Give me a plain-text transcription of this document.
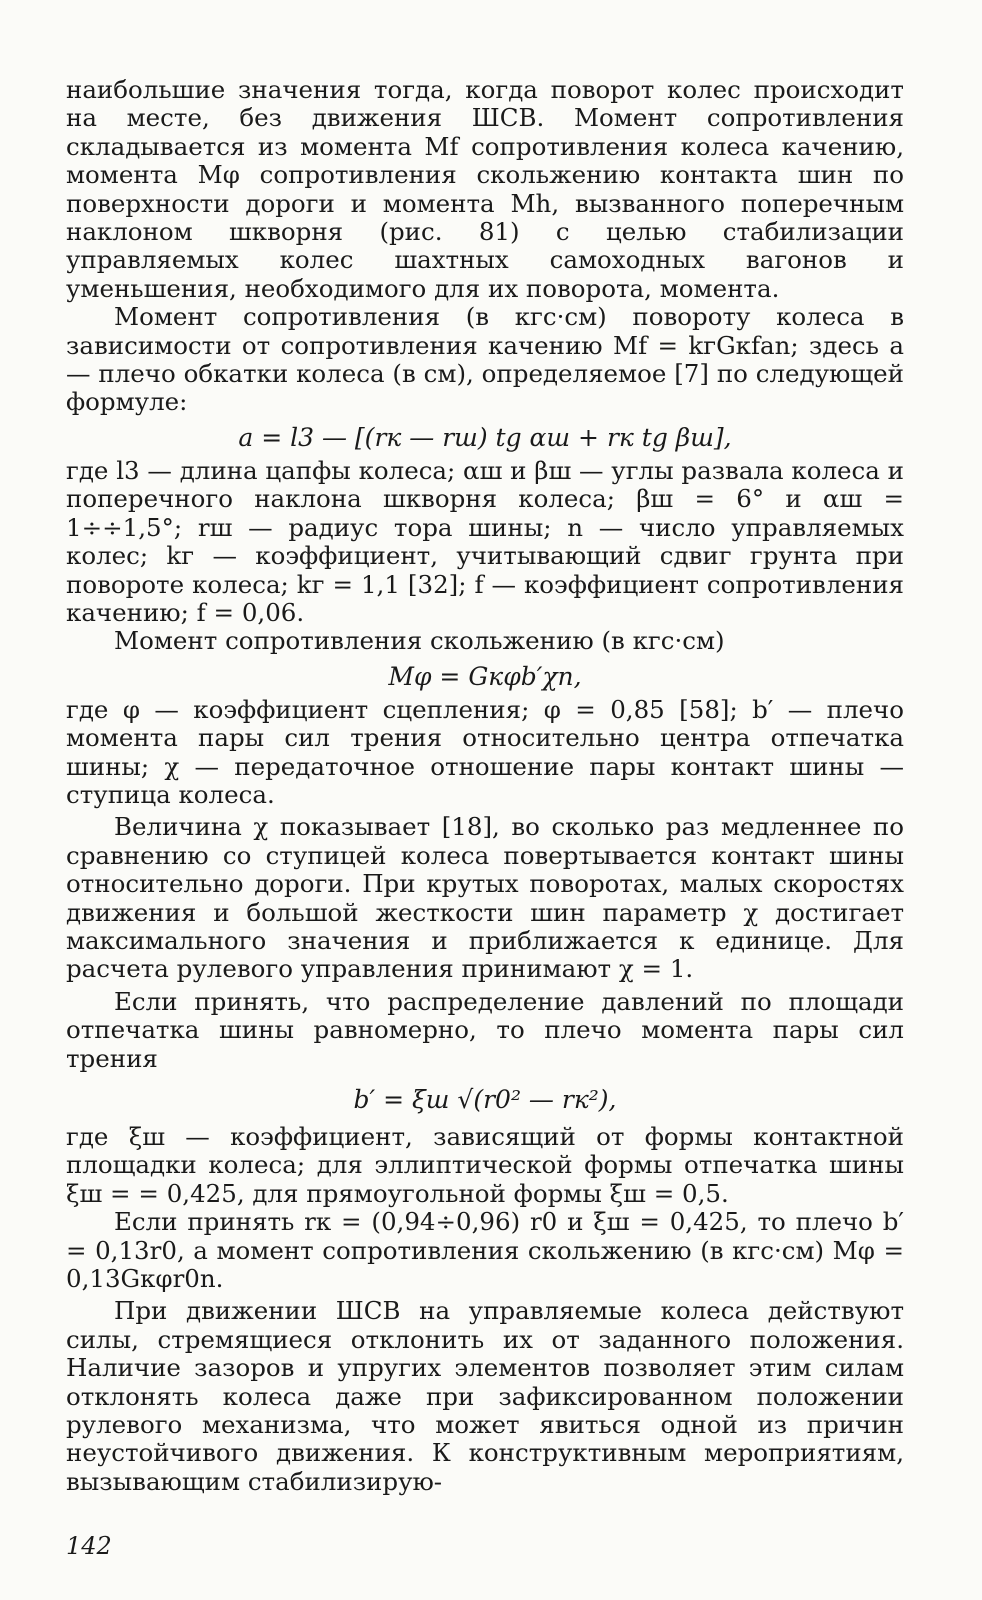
наибольшие значения тогда, когда поворот колес происходит на месте, без движения ШСВ. Момент сопротивления складывается из момента Mf сопротивления колеса качению, момента Mφ сопротивления скольжению контакта шин по поверхности дороги и момента Mh, вызванного поперечным наклоном шкворня (рис. 81) с целью стабилизации управляемых колес шахтных самоходных вагонов и уменьшения, необходимого для их поворота, момента.

Момент сопротивления (в кгс·см) повороту колеса в зависимости от сопротивления качению Mf = kгGкfan; здесь a — плечо обкатки колеса (в см), определяемое [7] по следующей формуле:

a = l3 — [(rк — rш) tg αш + rк tg βш],

где l3 — длина цапфы колеса; αш и βш — углы развала колеса и поперечного наклона шкворня колеса; βш = 6° и αш = 1÷÷1,5°; rш — радиус тора шины; n — число управляемых колес; kг — коэффициент, учитывающий сдвиг грунта при повороте колеса; kг = 1,1 [32]; f — коэффициент сопротивления качению; f = 0,06.

Момент сопротивления скольжению (в кгс·см)

Mφ = Gкφb′χn,

где φ — коэффициент сцепления; φ = 0,85 [58]; b′ — плечо момента пары сил трения относительно центра отпечатка шины; χ — передаточное отношение пары контакт шины — ступица колеса.

Величина χ показывает [18], во сколько раз медленнее по сравнению со ступицей колеса повертывается контакт шины относительно дороги. При крутых поворотах, малых скоростях движения и большой жесткости шин параметр χ достигает максимального значения и приближается к единице. Для расчета рулевого управления принимают χ = 1.

Если принять, что распределение давлений по площади отпечатка шины равномерно, то плечо момента пары сил трения

b′ = ξш √(r0² — rк²),

где ξш — коэффициент, зависящий от формы контактной площадки колеса; для эллиптической формы отпечатка шины ξш = = 0,425, для прямоугольной формы ξш = 0,5.

Если принять rк = (0,94÷0,96) r0 и ξш = 0,425, то плечо b′ = 0,13r0, а момент сопротивления скольжению (в кгс·см) Mφ = 0,13Gкφr0n.

При движении ШСВ на управляемые колеса действуют силы, стремящиеся отклонить их от заданного положения. Наличие зазоров и упругих элементов позволяет этим силам отклонять колеса даже при зафиксированном положении рулевого механизма, что может явиться одной из причин неустойчивого движения. К конструктивным мероприятиям, вызывающим стабилизирую-

142
